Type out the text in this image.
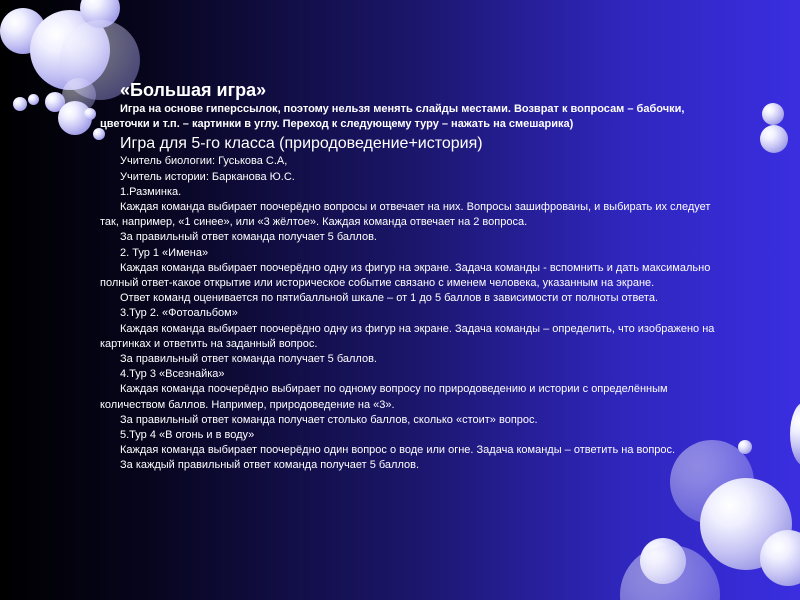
«Большая игра»

Игра на основе гиперссылок, поэтому нельзя менять слайды местами. Возврат к вопросам – бабочки, цветочки и т.п. – картинки в углу. Переход к следующему туру – нажать на смешарика)

Игра для 5-го класса (природоведение+история)

Учитель биологии: Гуськова С.А,

Учитель истории: Барканова Ю.С.

1.Разминка.

Каждая команда выбирает поочерёдно вопросы и отвечает на них. Вопросы зашифрованы, и выбирать их следует так, например, «1 синее», или «3 жёлтое». Каждая команда отвечает на 2 вопроса.

За правильный ответ команда получает 5 баллов.

2. Тур 1 «Имена»

Каждая команда выбирает поочерёдно одну из фигур на экране. Задача команды - вспомнить и дать максимально полный ответ-какое открытие или историческое событие связано с именем человека, указанным на экране.

Ответ команд оценивается по пятибалльной шкале – от 1 до 5 баллов в зависимости от полноты ответа.

3.Тур 2. «Фотоальбом»

Каждая команда выбирает поочерёдно одну из фигур на экране. Задача команды – определить, что изображено на картинках и ответить на заданный вопрос.

За правильный ответ команда получает 5 баллов.

4.Тур 3 «Всезнайка»

Каждая команда поочерёдно выбирает по одному вопросу по природоведению и истории с определённым количеством баллов. Например, природоведение на «3».

За правильный ответ команда получает столько баллов, сколько «стоит» вопрос.

5.Тур 4 «В огонь и в воду»

Каждая команда выбирает поочерёдно один вопрос о воде или огне. Задача команды – ответить на вопрос.

За каждый правильный ответ команда получает 5 баллов.
